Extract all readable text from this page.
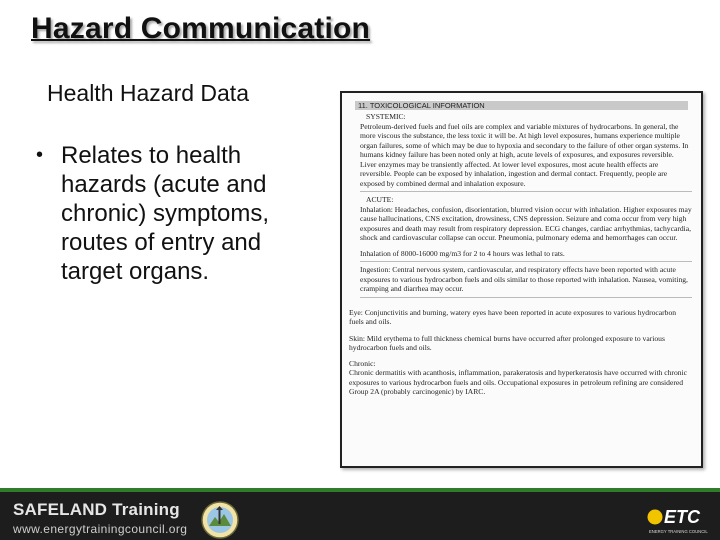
Hazard Communication
Health Hazard Data
• Relates to health hazards (acute and chronic) symptoms, routes of entry and target organs.
11. TOXICOLOGICAL INFORMATION
SYSTEMIC:

Petroleum-derived fuels and fuel oils are complex and variable mixtures of hydrocarbons. In general, the more viscous the substance, the less toxic it will be. At high level exposures, humans experience multiple organ failures, some of which may be due to hypoxia and secondary to the failure of other organ systems. In humans kidney failure has been noted only at high, acute levels of exposures, and exposures reversible. Liver enzymes may be transiently affected. At lower level exposures, most acute health effects are reversible. People can be exposed by inhalation, ingestion and dermal contact. Frequently, people are exposed by combined dermal and inhalation exposure.

ACUTE:

Inhalation: Headaches, confusion, disorientation, blurred vision occur with inhalation. Higher exposures may cause hallucinations, CNS excitation, drowsiness, CNS depression. Seizure and coma occur from very high exposures and death may result from respiratory depression. ECG changes, cardiac arrhythmias, tachycardia, shock and cardiovascular collapse can occur. Pneumonia, pulmonary edema and hemorrhages can occur.

Inhalation of 8000-16000 mg/m3 for 2 to 4 hours was lethal to rats.

Ingestion: Central nervous system, cardiovascular, and respiratory effects have been reported with acute exposures to various hydrocarbon fuels and oils similar to those reported with inhalation. Nausea, vomiting, cramping and diarrhea may occur.

Eye: Conjunctivitis and burning, watery eyes have been reported in acute exposures to various hydrocarbon fuels and oils.

Skin: Mild erythema to full thickness chemical burns have occurred after prolonged exposure to various hydrocarbon fuels and oils.

Chronic:

Chronic dermatitis with acanthosis, inflammation, parakeratosis and hyperkeratosis have occurred with chronic exposures to various hydrocarbon fuels and oils. Occupational exposures in petroleum refining are considered Group 2A (probably carcinogenic) by IARC.

SAFELAND Training
www.energytrainingcouncil.org
ETC
ENERGY TRAINING COUNCIL
